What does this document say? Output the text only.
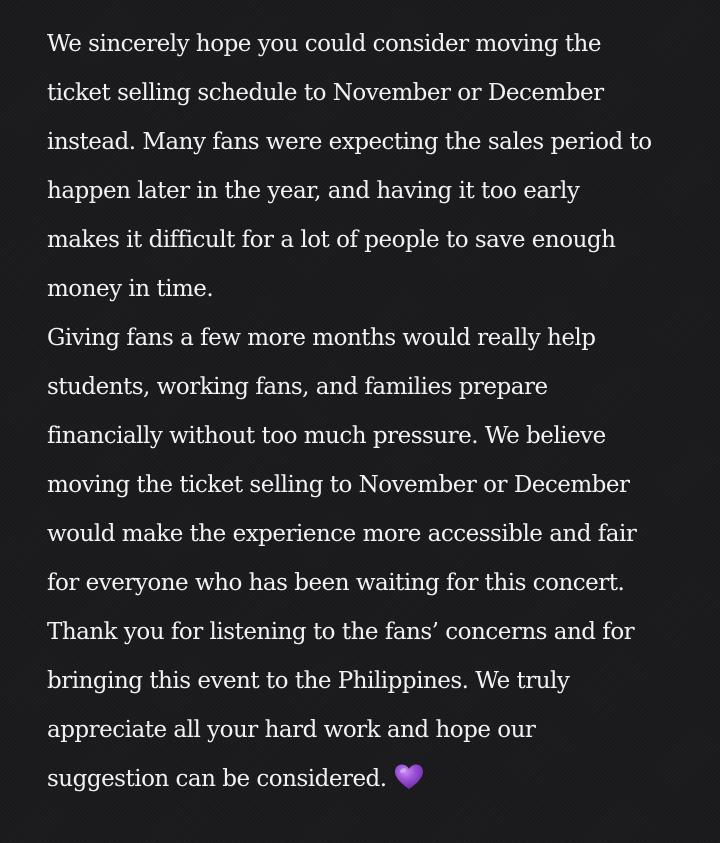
We sincerely hope you could consider moving the
ticket selling schedule to November or December
instead. Many fans were expecting the sales period to
happen later in the year, and having it too early
makes it difficult for a lot of people to save enough
money in time.
Giving fans a few more months would really help
students, working fans, and families prepare
financially without too much pressure. We believe
moving the ticket selling to November or December
would make the experience more accessible and fair
for everyone who has been waiting for this concert.
Thank you for listening to the fans’ concerns and for
bringing this event to the Philippines. We truly
appreciate all your hard work and hope our
suggestion can be considered.
